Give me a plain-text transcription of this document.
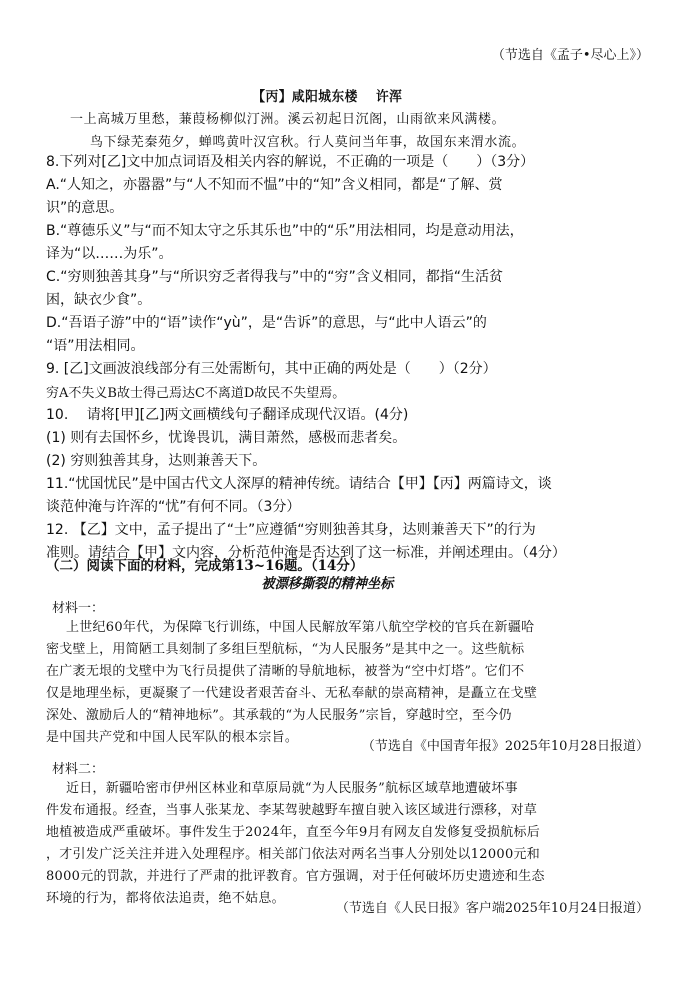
（节选自《孟子•尽心上》）
【丙】咸阳城东楼　 许浑
一上高城万里愁，蒹葭杨柳似汀洲。溪云初起日沉阁，山雨欲来风满楼。
鸟下绿芜秦苑夕，蝉鸣黄叶汉宫秋。行人莫问当年事，故国东来渭水流。
8.下列对[乙]文中加点词语及相关内容的解说，不正确的一项是（　　）（3分）
A.“人知之，亦嚣嚣”与“人不知而不愠”中的“知”含义相同，都是“了解、赏
识”的意思。
B.“尊德乐义”与“而不知太守之乐其乐也”中的“乐”用法相同，均是意动用法，
译为“以……为乐”。
C.“穷则独善其身”与“所识穷乏者得我与”中的“穷”含义相同，都指“生活贫
困，缺衣少食”。
D.“吾语子游”中的“语”读作“yù”，是“告诉”的意思，与“此中人语云”的
“语”用法相同。
9. [乙]文画波浪线部分有三处需断句，其中正确的两处是（　　）（2分）
穷A不失义B故士得己焉达C不离道D故民不失望焉。
10.　 请将[甲][乙]两文画横线句子翻译成现代汉语。(4分)
(1) 则有去国怀乡，忧谗畏讥，满目萧然，感极而悲者矣。
(2) 穷则独善其身，达则兼善天下。
11.“忧国忧民”是中国古代文人深厚的精神传统。请结合【甲】【丙】两篇诗文，谈
谈范仲淹与许浑的“忧”有何不同。（3分）
12. 【乙】文中，孟子提出了“士”应遵循“穷则独善其身，达则兼善天下”的行为
准则。请结合【甲】文内容，分析范仲淹是否达到了这一标准，并阐述理由。（4分）
（二）阅读下面的材料，完成第13~16题。（14分）
被漂移撕裂的精神坐标
材料一：
上世纪60年代，为保障飞行训练，中国人民解放军第八航空学校的官兵在新疆哈
密戈壁上，用简陋工具刻制了多组巨型航标，“为人民服务”是其中之一。这些航标
在广袤无垠的戈壁中为飞行员提供了清晰的导航地标，被誉为“空中灯塔”。它们不
仅是地理坐标，更凝聚了一代建设者艰苦奋斗、无私奉献的崇高精神，是矗立在戈壁
深处、激励后人的“精神地标”。其承载的“为人民服务”宗旨，穿越时空，至今仍
是中国共产党和中国人民军队的根本宗旨。
（节选自《中国青年报》2025年10月28日报道）
材料二：
近日，新疆哈密市伊州区林业和草原局就“为人民服务”航标区域草地遭破坏事
件发布通报。经查，当事人张某龙、李某驾驶越野车擅自驶入该区域进行漂移，对草
地植被造成严重破坏。事件发生于2024年，直至今年9月有网友自发修复受损航标后
，才引发广泛关注并进入处理程序。相关部门依法对两名当事人分别处以12000元和
8000元的罚款，并进行了严肃的批评教育。官方强调，对于任何破坏历史遗迹和生态
环境的行为，都将依法追责，绝不姑息。
（节选自《人民日报》客户端2025年10月24日报道）
